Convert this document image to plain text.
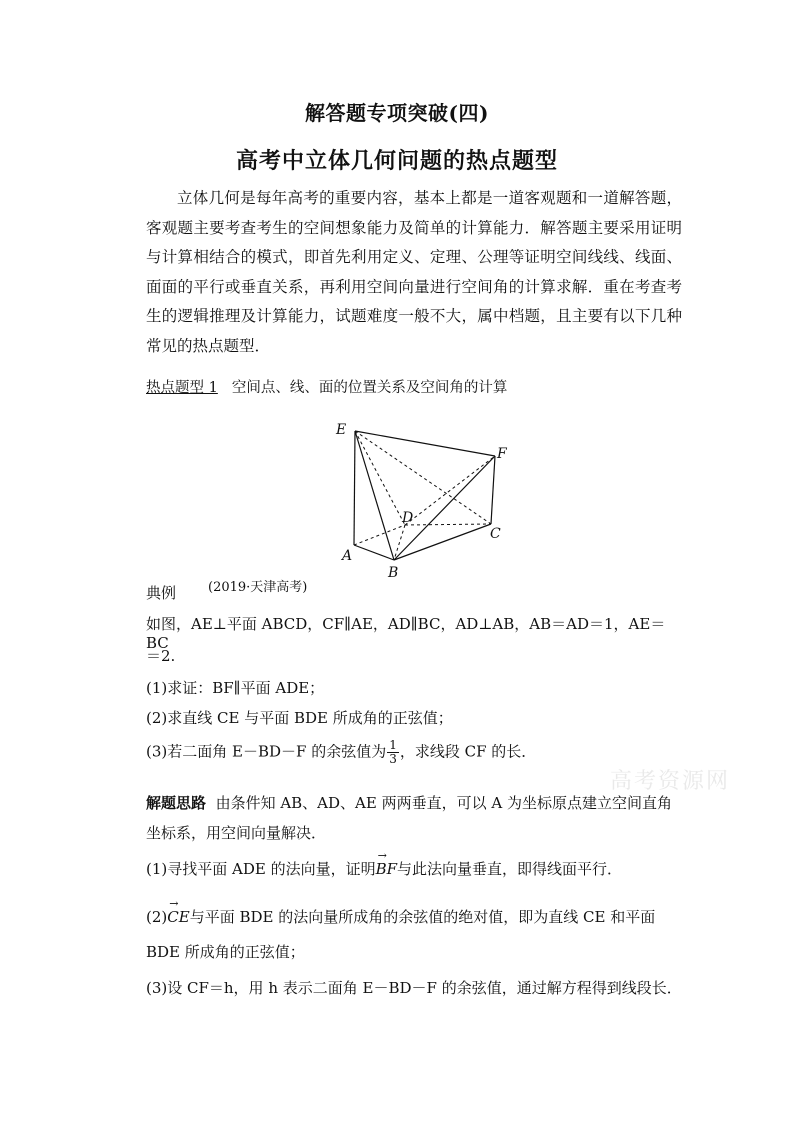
解答题专项突破(四)
高考中立体几何问题的热点题型
立体几何是每年高考的重要内容，基本上都是一道客观题和一道解答题，客观题主要考查考生的空间想象能力及简单的计算能力．解答题主要采用证明与计算相结合的模式，即首先利用定义、定理、公理等证明空间线线、线面、面面的平行或垂直关系，再利用空间向量进行空间角的计算求解．重在考查考生的逻辑推理及计算能力，试题难度一般不大，属中档题，且主要有以下几种常见的热点题型．
热点题型 1 空间点、线、面的位置关系及空间角的计算
E
F
D
C
A
B
典例 (2019·天津高考)
如图，AE⊥平面 ABCD，CF∥AE，AD∥BC，AD⊥AB，AB＝AD＝1，AE＝BC
＝2.
(1)求证：BF∥平面 ADE；
(2)求直线 CE 与平面 BDE 所成角的正弦值；
(3)若二面角 E－BD－F 的余弦值为 $\frac{1}{3}$ ，求线段 CF 的长．
高考资源网
解题思路 由条件知 AB、AD、AE 两两垂直，可以 A 为坐标原点建立空间直角坐标系，用空间向量解决．
(1)寻找平面 ADE 的法向量，证明→ BF与此法向量垂直，即得线面平行．
(2)→ CE与平面 BDE 的法向量所成角的余弦值的绝对值，即为直线 CE 和平面
BDE 所成角的正弦值；
(3)设 CF＝h，用 h 表示二面角 E－BD－F 的余弦值，通过解方程得到线段长．
